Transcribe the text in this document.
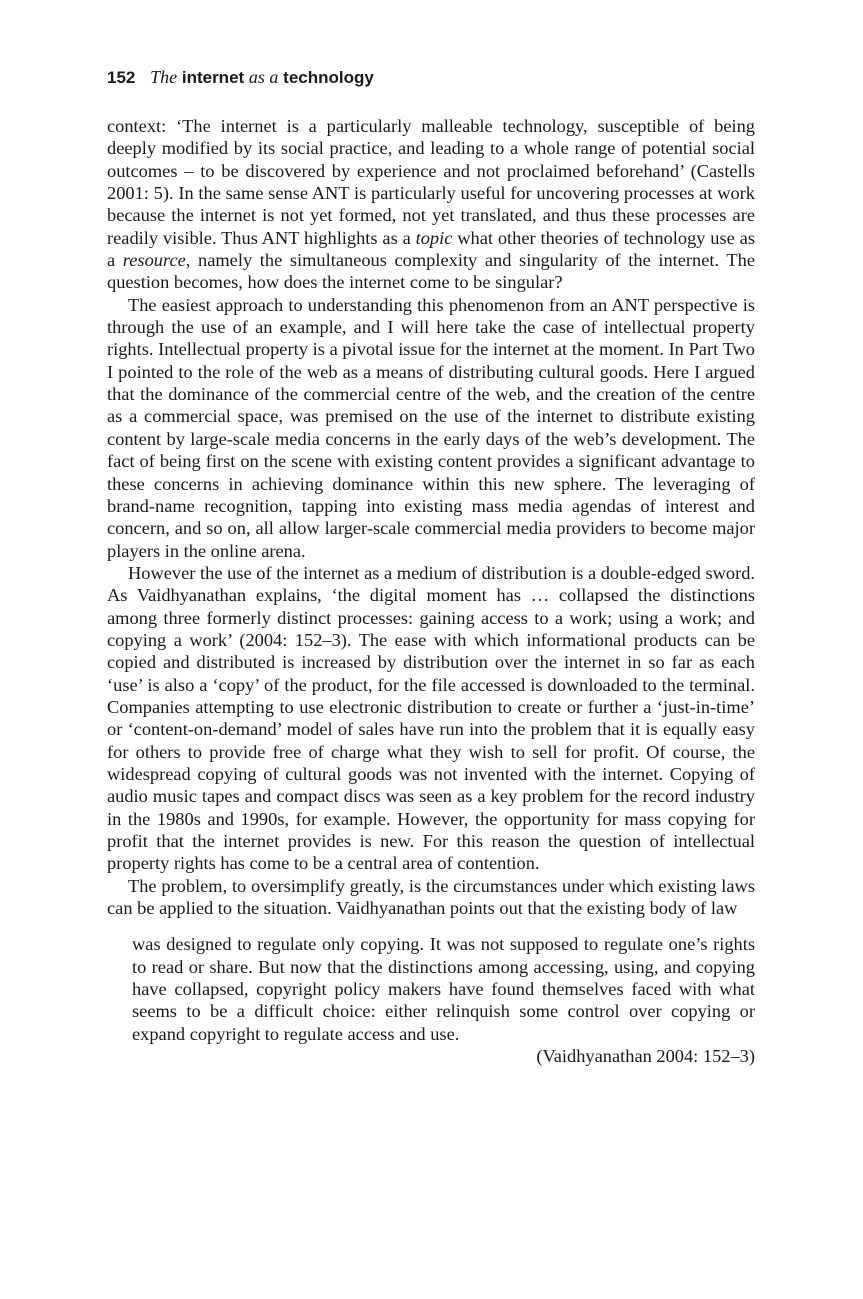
152 The internet as a technology

context: ‘The internet is a particularly malleable technology, susceptible of being deeply modified by its social practice, and leading to a whole range of potential social outcomes – to be discovered by experience and not proclaimed beforehand’ (Castells 2001: 5). In the same sense ANT is particularly useful for uncovering processes at work because the internet is not yet formed, not yet translated, and thus these processes are readily visible. Thus ANT highlights as a topic what other theories of technology use as a resource, namely the simultaneous complexity and singularity of the internet. The question becomes, how does the internet come to be singular?

The easiest approach to understanding this phenomenon from an ANT perspective is through the use of an example, and I will here take the case of intellectual property rights. Intellectual property is a pivotal issue for the internet at the moment. In Part Two I pointed to the role of the web as a means of distributing cultural goods. Here I argued that the dominance of the commercial centre of the web, and the creation of the centre as a commercial space, was premised on the use of the internet to distribute existing content by large-scale media concerns in the early days of the web’s development. The fact of being first on the scene with existing content provides a significant advantage to these concerns in achieving dominance within this new sphere. The leveraging of brand-name recognition, tapping into existing mass media agendas of interest and concern, and so on, all allow larger-scale commercial media providers to become major players in the online arena.

However the use of the internet as a medium of distribution is a double-edged sword. As Vaidhyanathan explains, ‘the digital moment has … collapsed the distinctions among three formerly distinct processes: gaining access to a work; using a work; and copying a work’ (2004: 152–3). The ease with which informational products can be copied and distributed is increased by distribution over the internet in so far as each ‘use’ is also a ‘copy’ of the product, for the file accessed is downloaded to the terminal. Companies attempting to use electronic distribution to create or further a ‘just-in-time’ or ‘content-on-demand’ model of sales have run into the problem that it is equally easy for others to provide free of charge what they wish to sell for profit. Of course, the widespread copying of cultural goods was not invented with the internet. Copying of audio music tapes and compact discs was seen as a key problem for the record industry in the 1980s and 1990s, for example. However, the opportunity for mass copying for profit that the internet provides is new. For this reason the question of intellectual property rights has come to be a central area of contention.

The problem, to oversimplify greatly, is the circumstances under which existing laws can be applied to the situation. Vaidhyanathan points out that the existing body of law

was designed to regulate only copying. It was not supposed to regulate one’s rights to read or share. But now that the distinctions among accessing, using, and copying have collapsed, copyright policy makers have found themselves faced with what seems to be a difficult choice: either relinquish some control over copying or expand copyright to regulate access and use.

(Vaidhyanathan 2004: 152–3)
